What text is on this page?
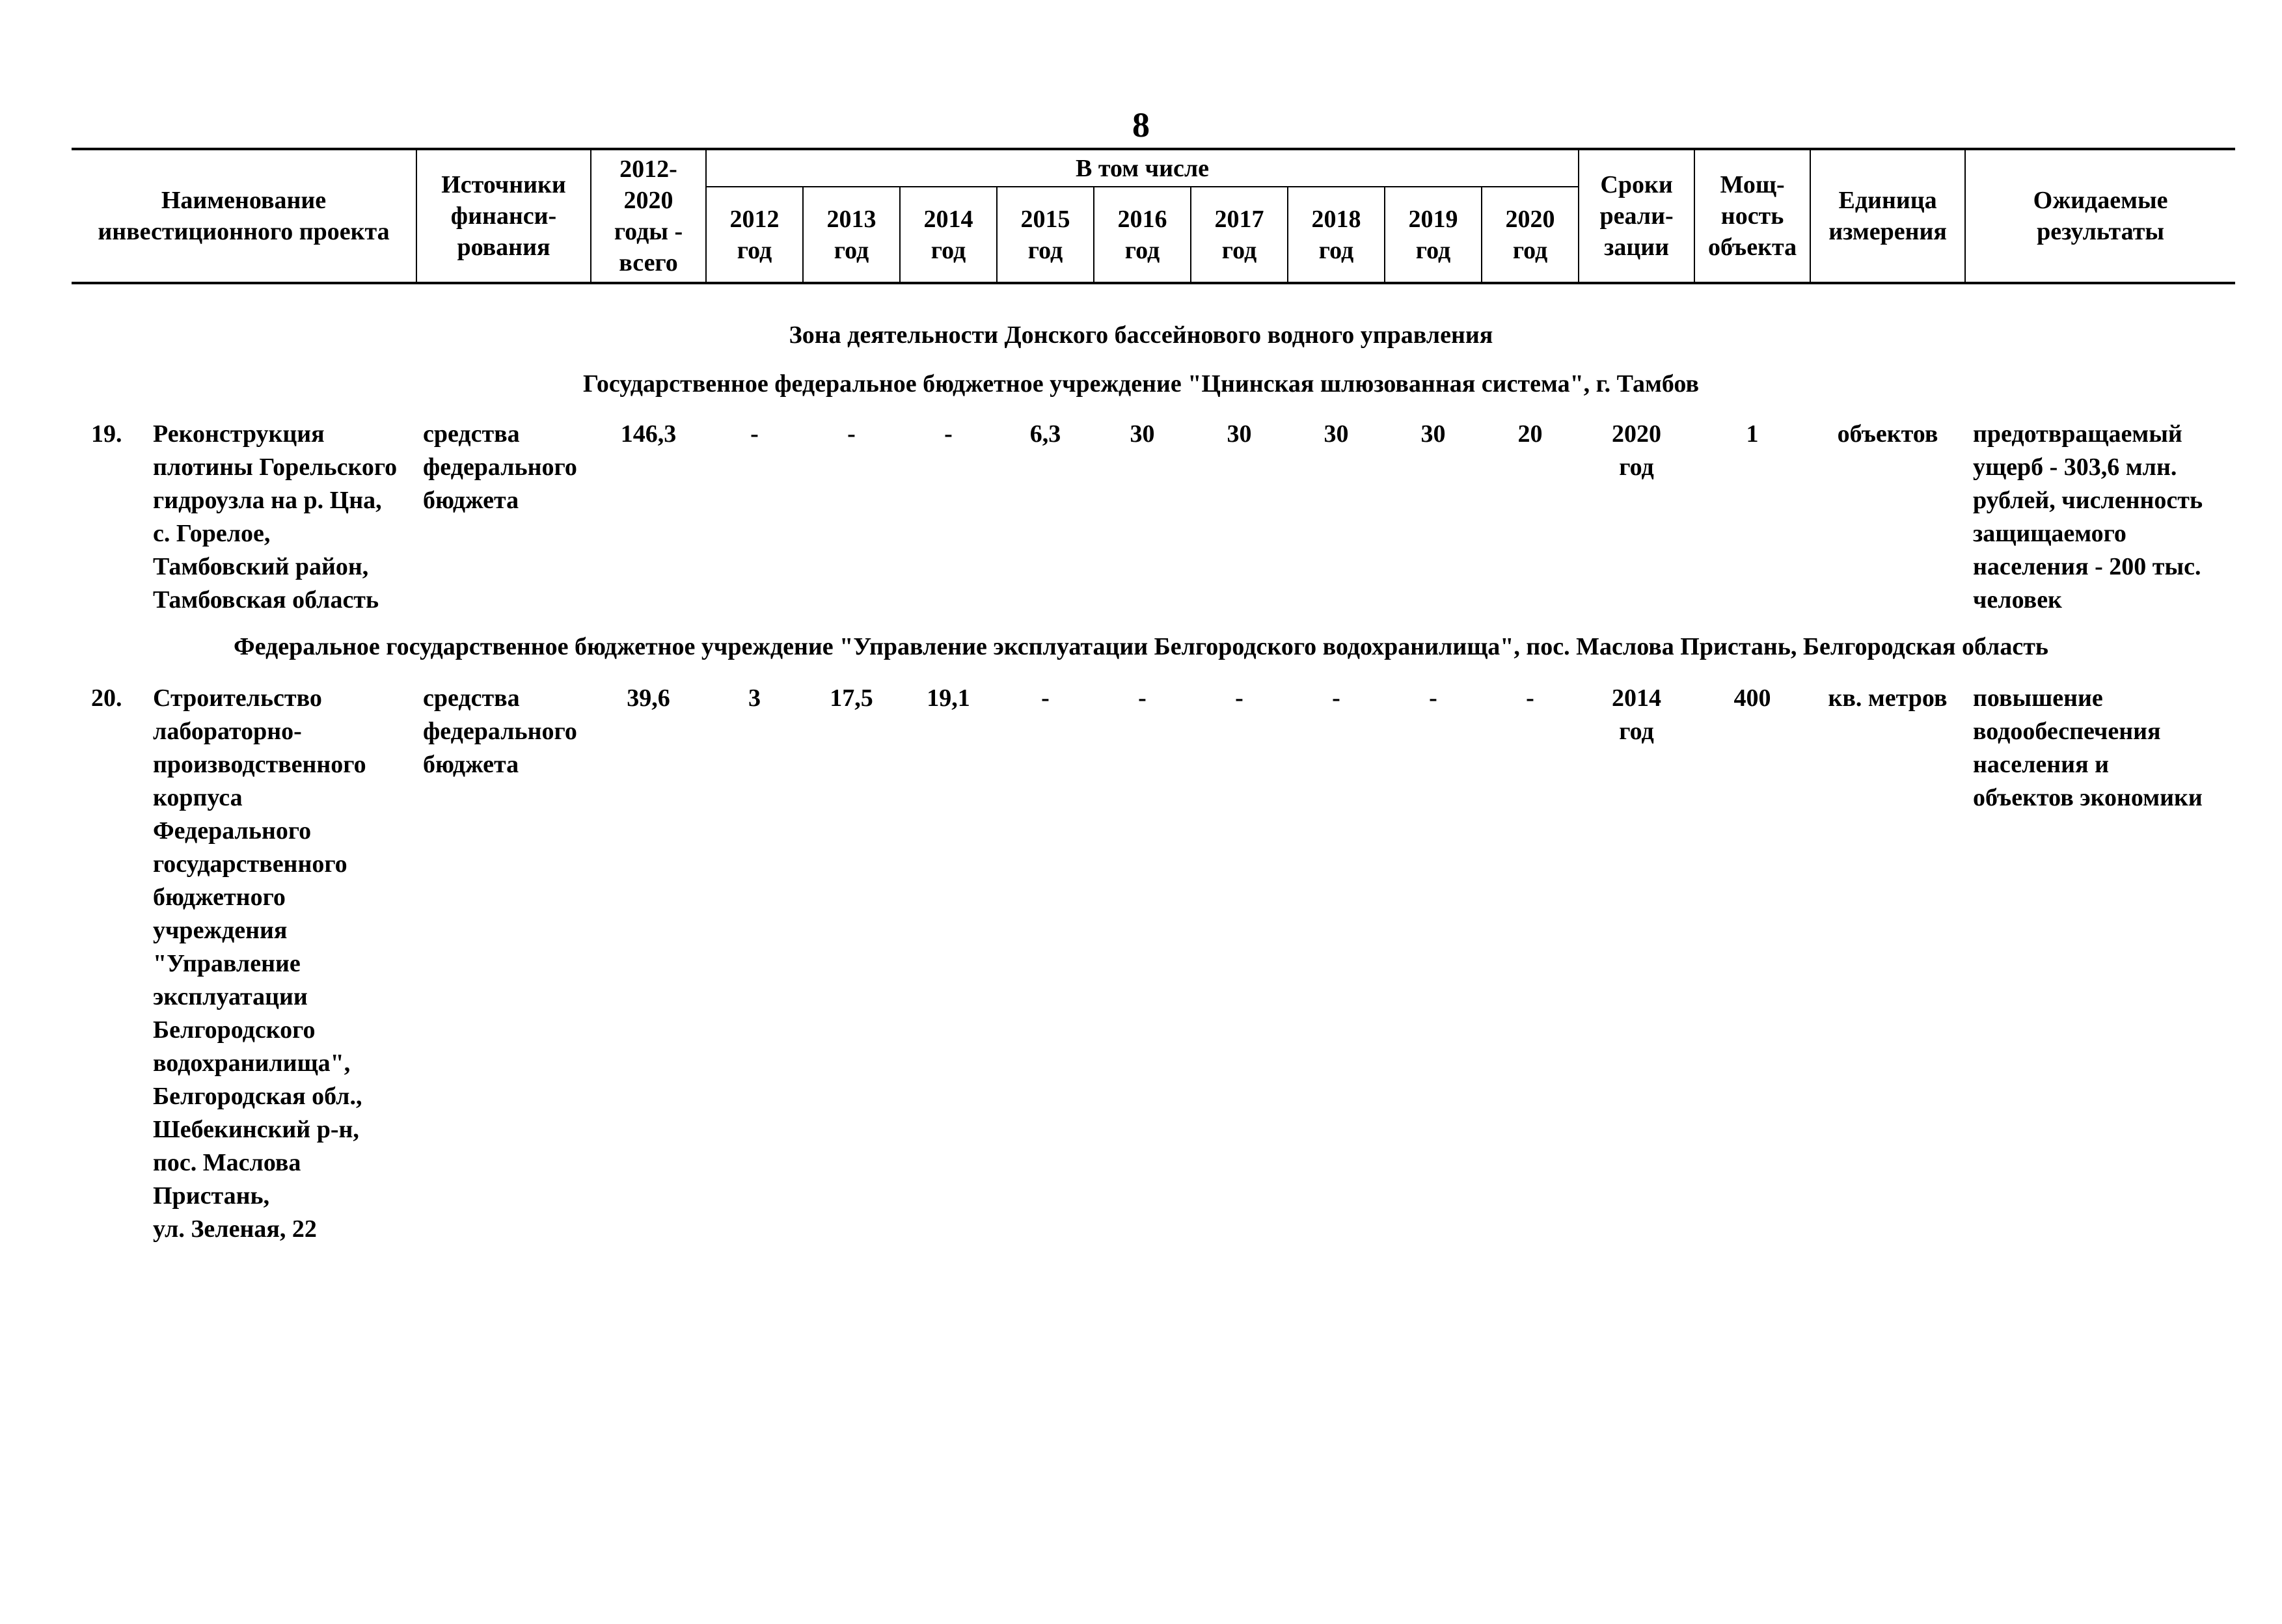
8
Наименование
инвестиционного проекта	Источники
финанси-
рования	2012-
2020
годы -
всего	В том числе									Сроки
реали-
зации	Мощ-
ность
объекта	Единица
измерения	Ожидаемые
результаты
			2012
год	2013
год	2014
год	2015
год	2016
год	2017
год	2018
год	2019
год	2020
год				
Зона деятельности Донского бассейнового водного управления
Государственное федеральное бюджетное учреждение "Цнинская шлюзованная система", г. Тамбов
19.	Реконструкция
плотины Горельского
гидроузла на р. Цна,
с. Горелое,
Тамбовский район,
Тамбовская область	средства
федерального
бюджета	146,3	-	-	-	6,3	30	30	30	30	20	2020
год	1	объектов	предотвращаемый
ущерб - 303,6 млн.
рублей, численность
защищаемого
населения - 200 тыс.
человек
Федеральное государственное бюджетное учреждение "Управление эксплуатации Белгородского водохранилища", пос. Маслова Пристань, Белгородская область
20.	Строительство
лабораторно-
производственного
корпуса
Федерального
государственного
бюджетного
учреждения
"Управление
эксплуатации
Белгородского
водохранилища",
Белгородская обл.,
Шебекинский р-н,
пос. Маслова
Пристань,
ул. Зеленая, 22	средства
федерального
бюджета	39,6	3	17,5	19,1	-	-	-	-	-	-	2014
год	400	кв. метров	повышение
водообеспечения
населения и
объектов экономики
